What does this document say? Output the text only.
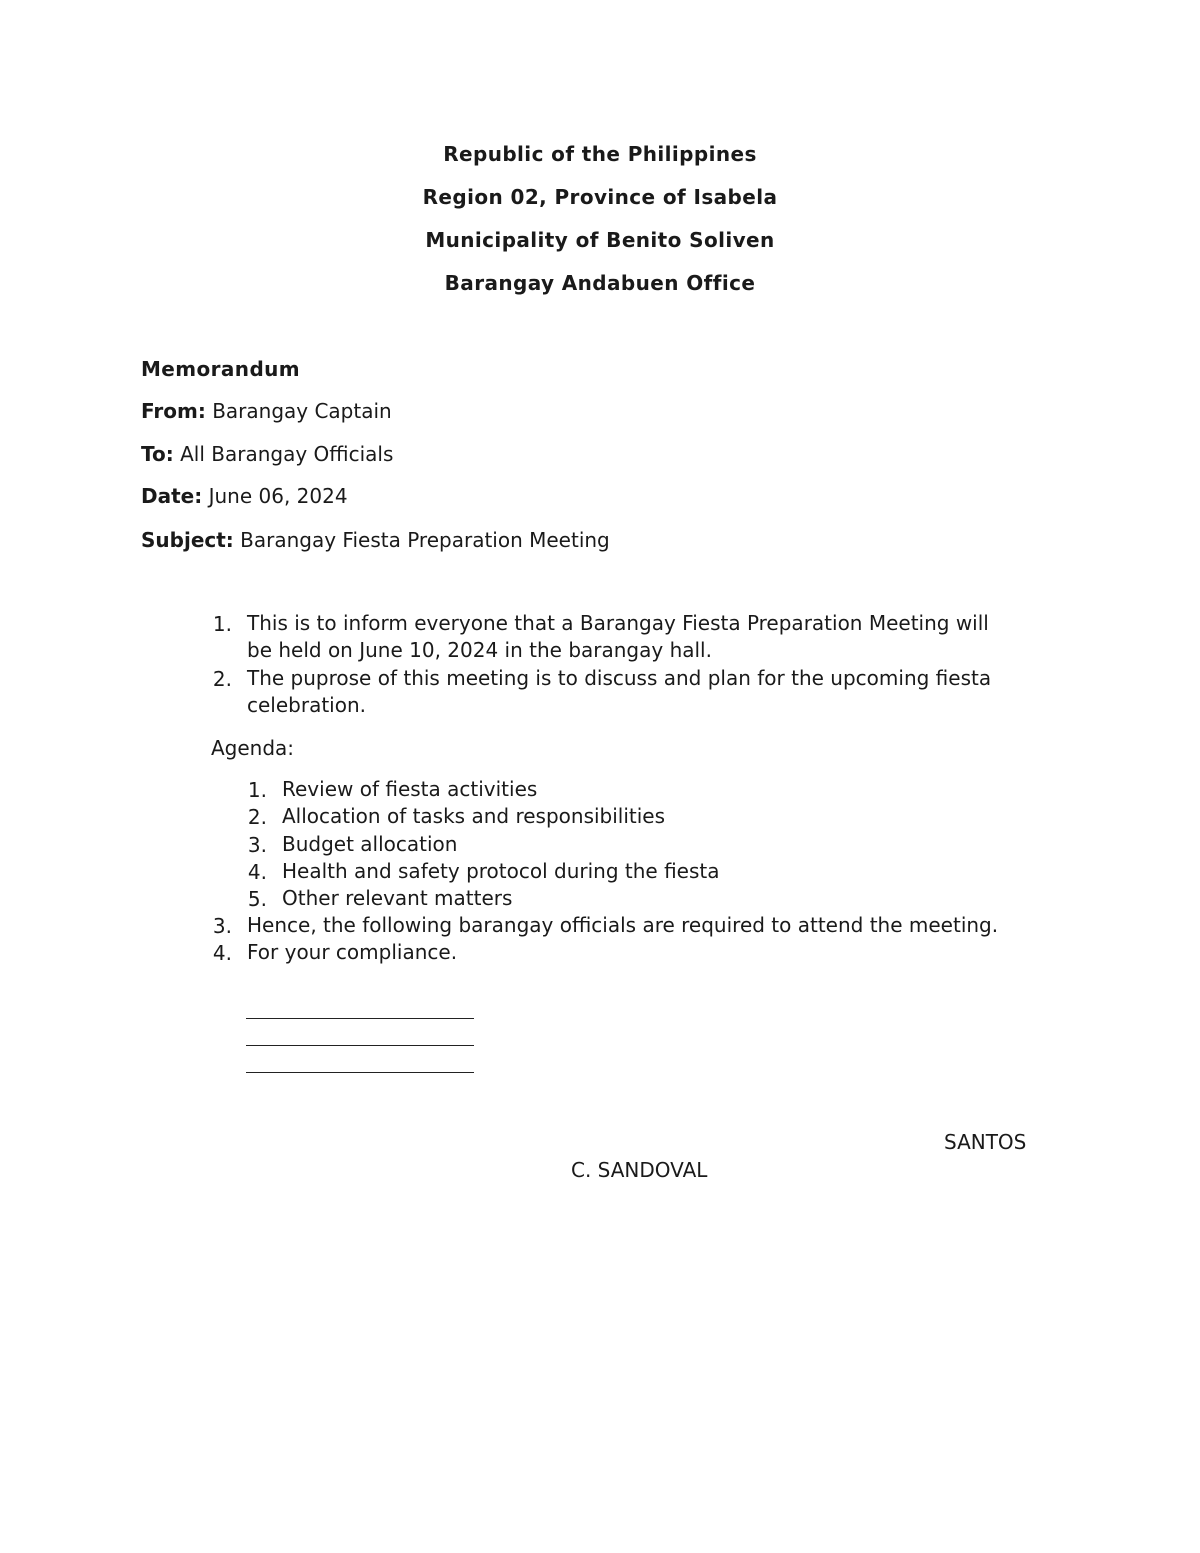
Republic of the Philippines
Region 02, Province of Isabela
Municipality of Benito Soliven
Barangay Andabuen Office
Memorandum
From: Barangay Captain
To: All Barangay Officials
Date: June 06, 2024
Subject: Barangay Fiesta Preparation Meeting
1. This is to inform everyone that a Barangay Fiesta Preparation Meeting will
be held on June 10, 2024 in the barangay hall.
2. The puprose of this meeting is to discuss and plan for the upcoming fiesta
celebration.
Agenda:
1. Review of fiesta activities
2. Allocation of tasks and responsibilities
3. Budget allocation
4. Health and safety protocol during the fiesta
5. Other relevant matters
3. Hence, the following barangay officials are required to attend the meeting.
4. For your compliance.
SANTOS
C. SANDOVAL
